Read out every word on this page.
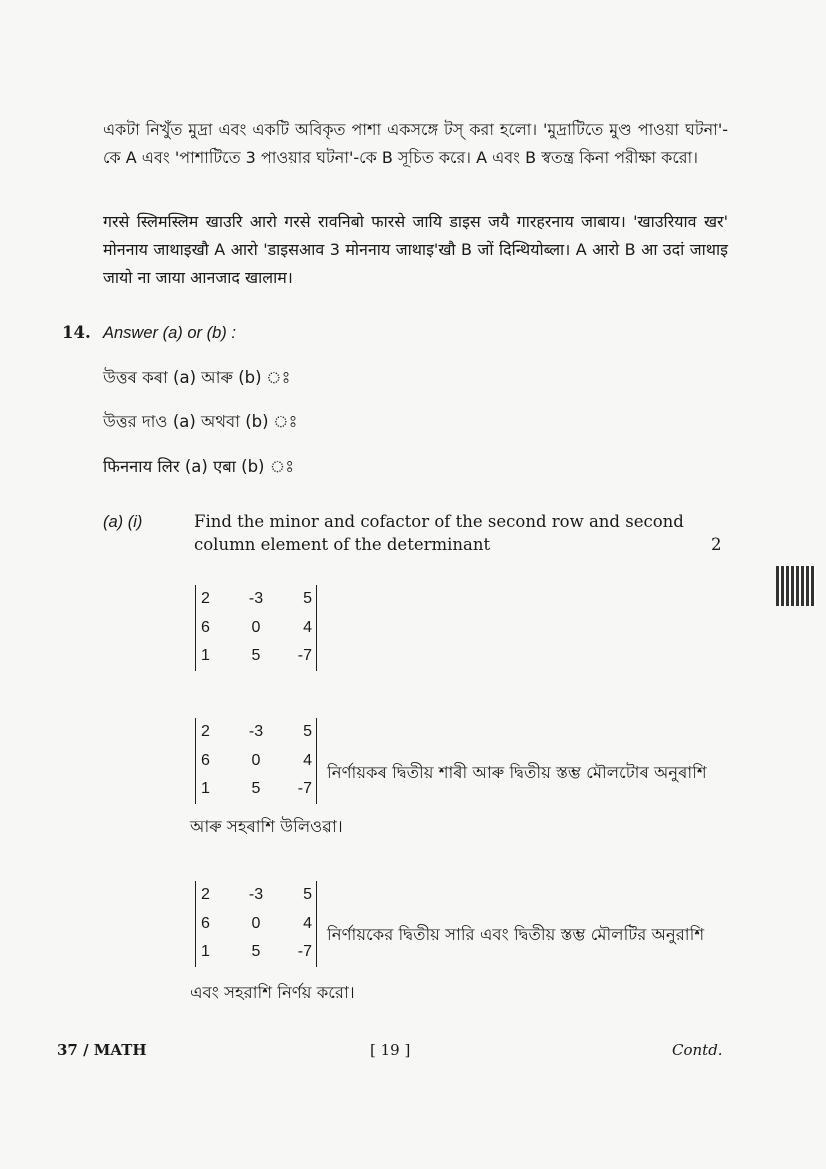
একটা নিখুঁত মুদ্রা এবং একটি অবিকৃত পাশা একসঙ্গে টস্ করা হলো। 'মুদ্রাটিতে মুণ্ড পাওয়া ঘটনা'-কে A এবং 'পাশাটিতে 3 পাওয়ার ঘটনা'-কে B সূচিত করে। A এবং B স্বতন্ত্র কিনা পরীক্ষা করো।
गरसे स्लिमस्लिम खाउरि आरो गरसे रावनिबो फारसे जायि डाइस जयै गारहरनाय जाबाय। 'खाउरियाव खर' मोननाय जाथाइखौ A आरो 'डाइसआव 3 मोननाय जाथाइ'खौ B जों दिन्थियोब्ला। A आरो B आ उदां जाथाइ जायो ना जाया आनजाद खालाम।
14. Answer (a) or (b) :
উত্তৰ কৰা (a) আৰু (b) ঃ
উত্তর দাও (a) অথবা (b) ঃ
फिननाय लिर (a) एबा (b) ঃ
(a) (i)	Find the minor and cofactor of the second row and second
column element of the determinant	2
2	-3	5
6	0	4
1	5	-7
2	-3	5
6	0	4
1	5	-7
নিৰ্ণায়কৰ দ্বিতীয় শাৰী আৰু দ্বিতীয় স্তম্ভ মৌলটোৰ অনুৰাশি
আৰু সহৰাশি উলিওৱা।
2	-3	5
6	0	4
1	5	-7
নির্ণায়কের দ্বিতীয় সারি এবং দ্বিতীয় স্তম্ভ মৌলটির অনুরাশি
এবং সহরাশি নির্ণয় করো।
37 / MATH	[ 19 ]	Contd.
